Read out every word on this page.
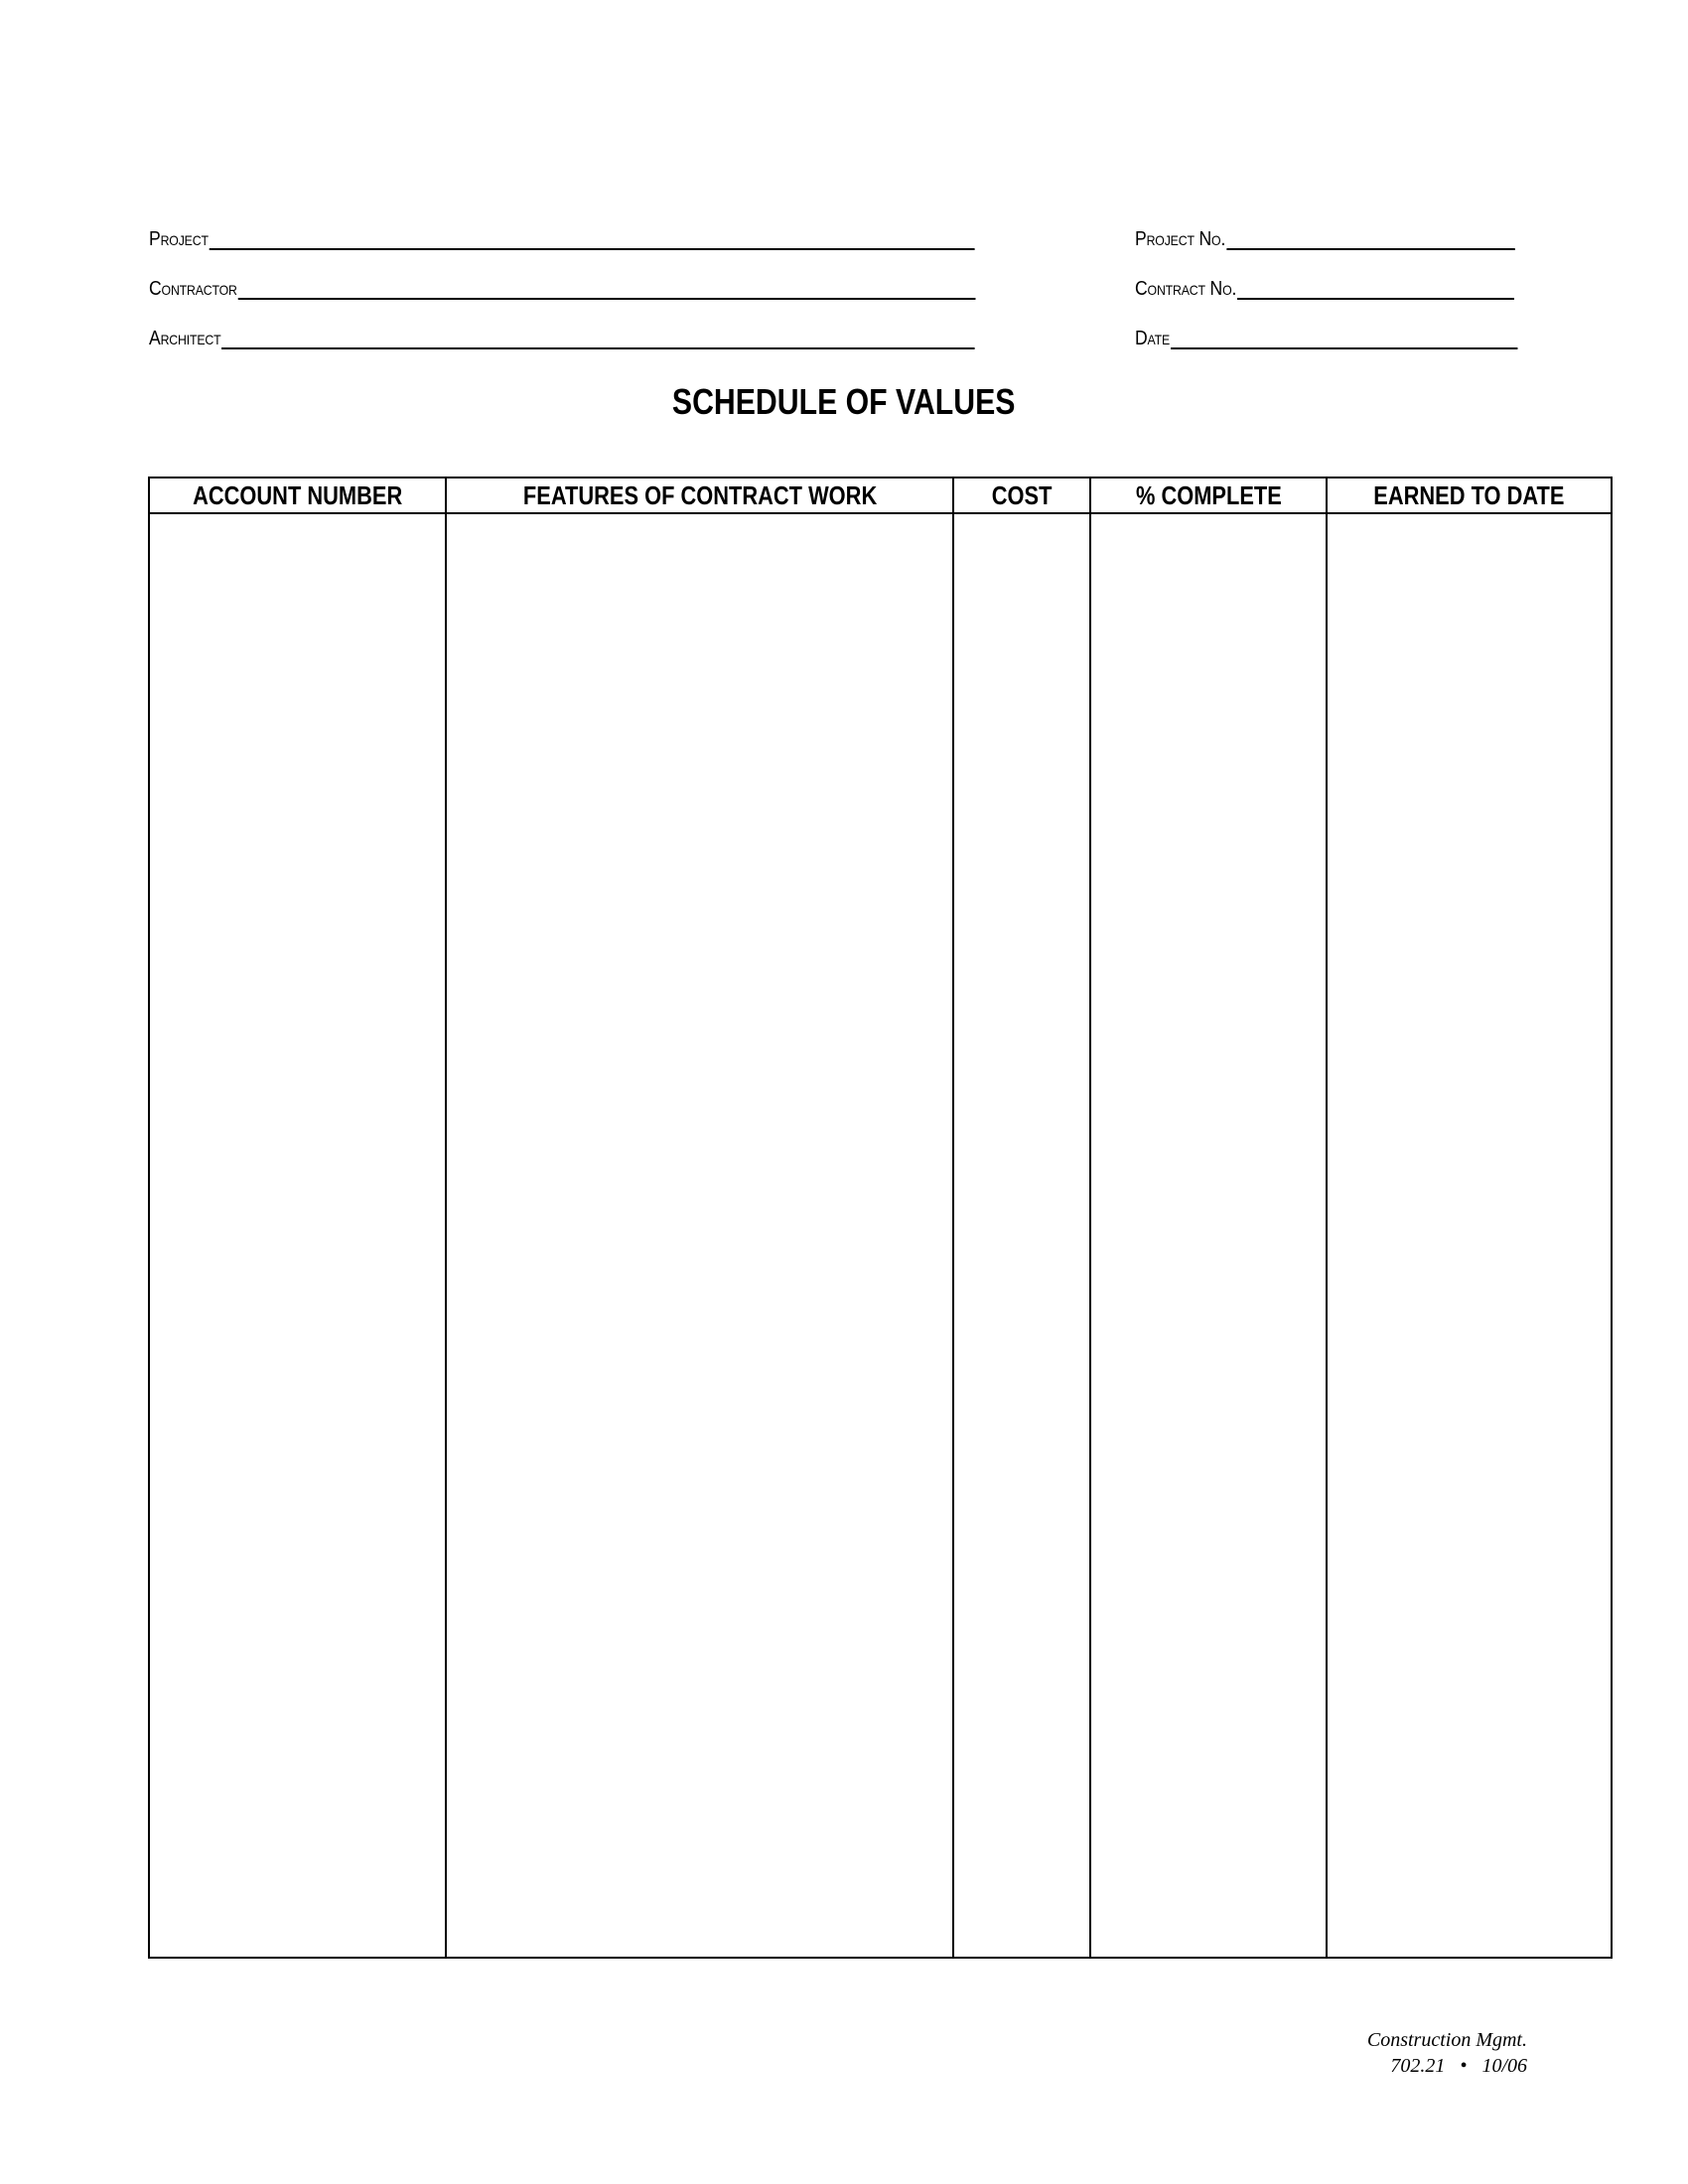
Project
Contractor
Architect
Project No.
Contract No.
Date
SCHEDULE OF VALUES
ACCOUNT NUMBER	FEATURES OF CONTRACT WORK	COST	% COMPLETE	EARNED TO DATE

Construction Mgmt.
702.21 • 10/06
